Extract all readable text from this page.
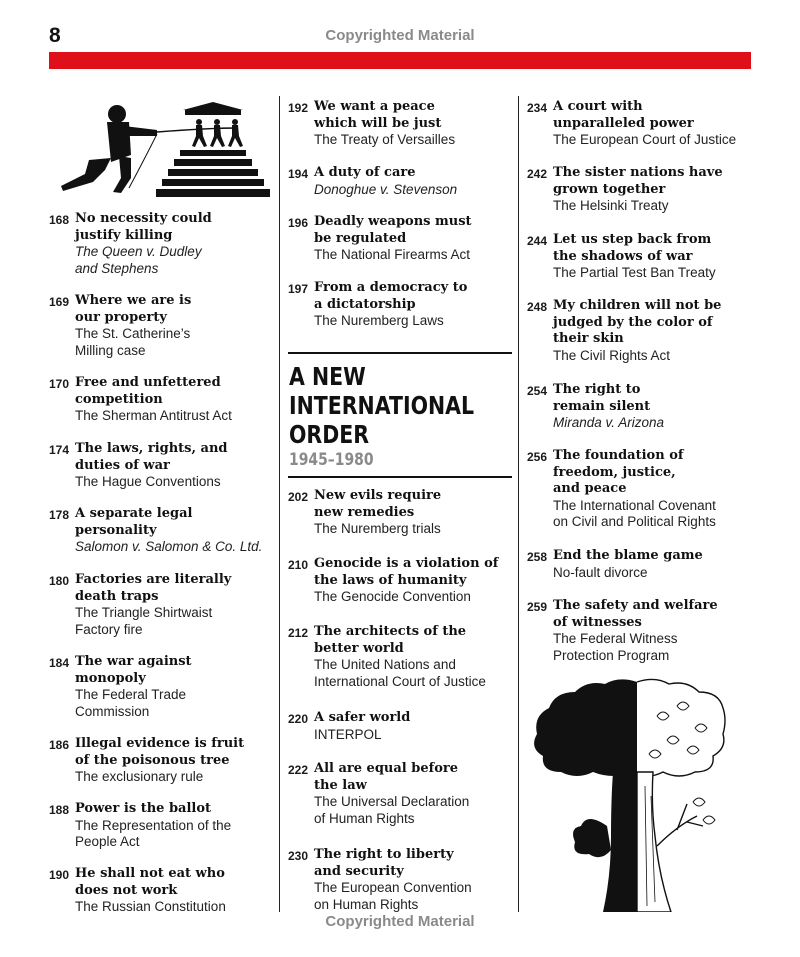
8	Copyrighted Material
168 No necessity could
justify killing
The Queen v. Dudley
and Stephens
169 Where we are is
our property
The St. Catherine’s
Milling case
170 Free and unfettered
competition
The Sherman Antitrust Act
174 The laws, rights, and
duties of war
The Hague Conventions
178 A separate legal
personality
Salomon v. Salomon & Co. Ltd.
180 Factories are literally
death traps
The Triangle Shirtwaist
Factory fire
184 The war against
monopoly
The Federal Trade
Commission
186 Illegal evidence is fruit
of the poisonous tree
The exclusionary rule
188 Power is the ballot
The Representation of the
People Act
190 He shall not eat who
does not work
The Russian Constitution
192 We want a peace
which will be just
The Treaty of Versailles
194 A duty of care
Donoghue v. Stevenson
196 Deadly weapons must
be regulated
The National Firearms Act
197 From a democracy to
a dictatorship
The Nuremberg Laws
A NEW
INTERNATIONAL
ORDER
1945–1980
202 New evils require
new remedies
The Nuremberg trials
210 Genocide is a violation of
the laws of humanity
The Genocide Convention
212 The architects of the
better world
The United Nations and
International Court of Justice
220 A safer world
INTERPOL
222 All are equal before
the law
The Universal Declaration
of Human Rights
230 The right to liberty
and security
The European Convention
on Human Rights
234 A court with
unparalleled power
The European Court of Justice
242 The sister nations have
grown together
The Helsinki Treaty
244 Let us step back from
the shadows of war
The Partial Test Ban Treaty
248 My children will not be
judged by the color of
their skin
The Civil Rights Act
254 The right to
remain silent
Miranda v. Arizona
256 The foundation of
freedom, justice,
and peace
The International Covenant
on Civil and Political Rights
258 End the blame game
No-fault divorce
259 The safety and welfare
of witnesses
The Federal Witness
Protection Program
Copyrighted Material
